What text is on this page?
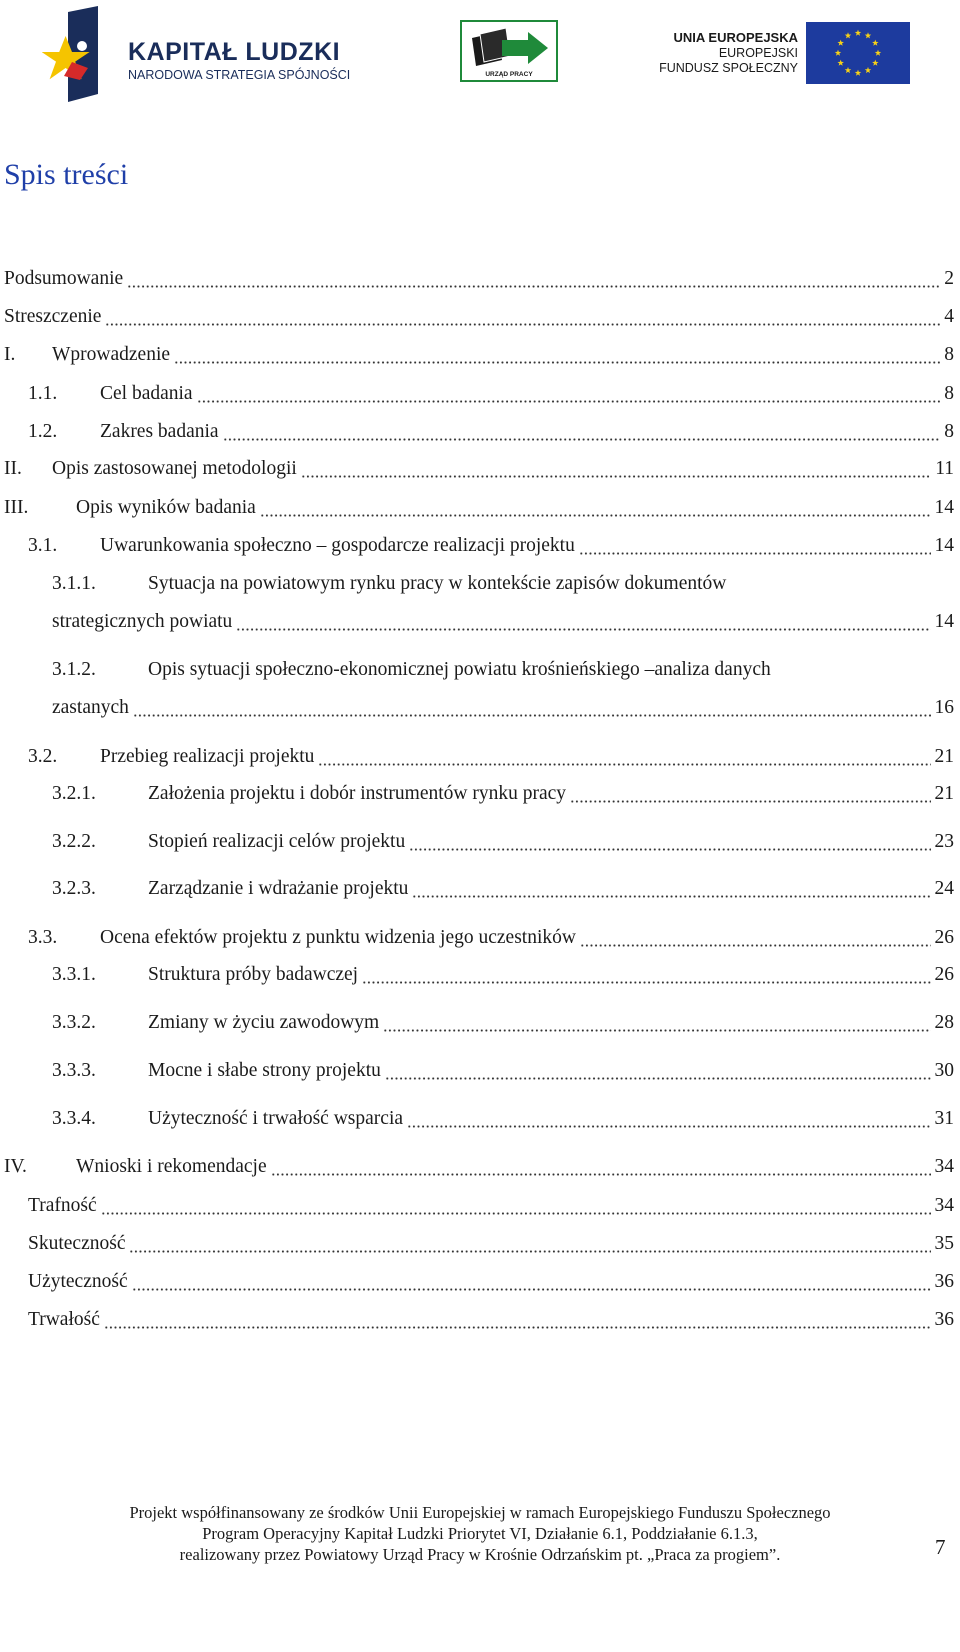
KAPITAŁ LUDZKI
NARODOWA STRATEGIA SPÓJNOŚCI	URZĄD PRACY
UNIA EUROPEJSKA
EUROPEJSKI
FUNDUSZ SPOŁECZNY
Spis treści
Podsumowanie	2
Streszczenie	4
I. Wprowadzenie	8
1.1. Cel badania	8
1.2. Zakres badania	8
II. Opis zastosowanej metodologii	11
III. Opis wyników badania	14
3.1. Uwarunkowania społeczno – gospodarcze realizacji projektu	14
3.1.1.	Sytuacja na powiatowym rynku pracy w kontekście zapisów dokumentów
strategicznych powiatu	14
3.1.2.	Opis sytuacji społeczno-ekonomicznej powiatu krośnieńskiego –analiza danych
zastanych	16
3.2. Przebieg realizacji projektu	21
3.2.1.	Założenia projektu i dobór instrumentów rynku pracy	21
3.2.2.	Stopień realizacji celów projektu	23
3.2.3.	Zarządzanie i wdrażanie projektu	24
3.3. Ocena efektów projektu z punktu widzenia jego uczestników	26
3.3.1.	Struktura próby badawczej	26
3.3.2.	Zmiany w życiu zawodowym	28
3.3.3.	Mocne i słabe strony projektu	30
3.3.4.	Użyteczność i trwałość wsparcia	31
IV.	Wnioski i rekomendacje	34
Trafność	34
Skuteczność	35
Użyteczność	36
Trwałość	36
7
Projekt współfinansowany ze środków Unii Europejskiej w ramach Europejskiego Funduszu Społecznego
Program Operacyjny Kapitał Ludzki Priorytet VI, Działanie 6.1, Poddziałanie 6.1.3,
realizowany przez Powiatowy Urząd Pracy w Krośnie Odrzańskim pt. „Praca za progiem”.
